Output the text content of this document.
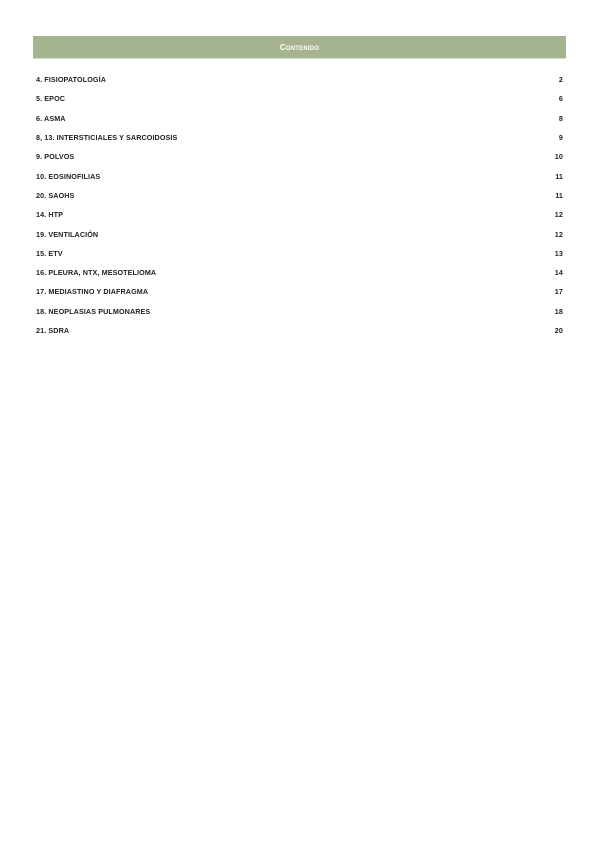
Contenido
4. FISIOPATOLOGÍA	2
5. EPOC	6
6. ASMA	8
8, 13. INTERSTICIALES Y SARCOIDOSIS	9
9. POLVOS	10
10. EOSINOFILIAS	11
20. SAOHS	11
14. HTP	12
19. VENTILACIÓN	12
15. ETV	13
16. PLEURA, NTX, MESOTELIOMA	14
17. MEDIASTINO Y DIAFRAGMA	17
18. NEOPLASIAS PULMONARES	18
21. SDRA	20
